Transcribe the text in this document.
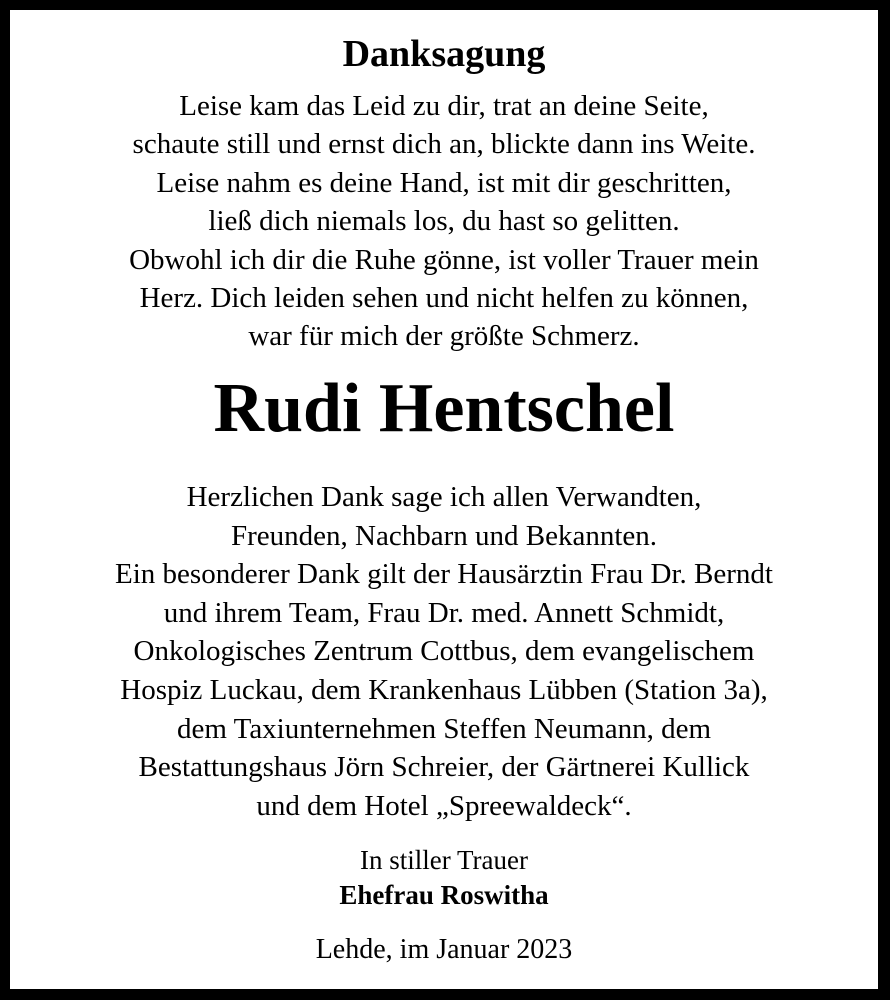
Danksagung
Leise kam das Leid zu dir, trat an deine Seite,
schaute still und ernst dich an, blickte dann ins Weite.
Leise nahm es deine Hand, ist mit dir geschritten,
ließ dich niemals los, du hast so gelitten.
Obwohl ich dir die Ruhe gönne, ist voller Trauer mein
Herz. Dich leiden sehen und nicht helfen zu können,
war für mich der größte Schmerz.
Rudi Hentschel
Herzlichen Dank sage ich allen Verwandten,
Freunden, Nachbarn und Bekannten.
Ein besonderer Dank gilt der Hausärztin Frau Dr. Berndt
und ihrem Team, Frau Dr. med. Annett Schmidt,
Onkologisches Zentrum Cottbus, dem evangelischem
Hospiz Luckau, dem Krankenhaus Lübben (Station 3a),
dem Taxiunternehmen Steffen Neumann, dem
Bestattungshaus Jörn Schreier, der Gärtnerei Kullick
und dem Hotel „Spreewaldeck“.
In stiller Trauer
Ehefrau Roswitha
Lehde, im Januar 2023
